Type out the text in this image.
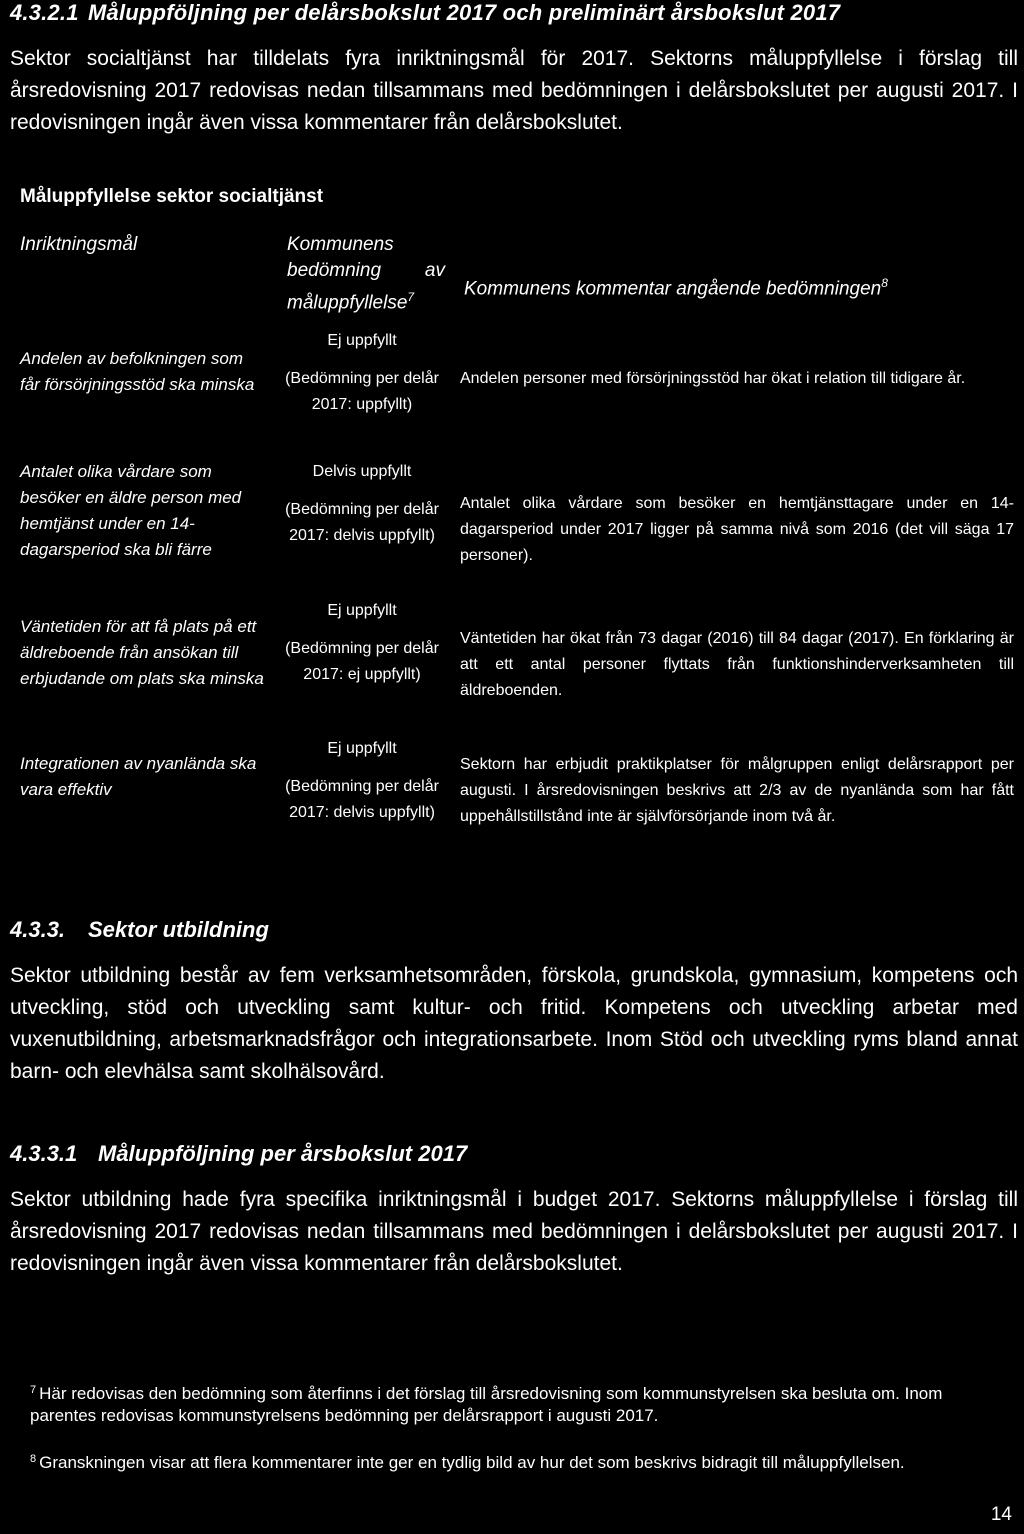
4.3.2.1 Måluppföljning per delårsbokslut 2017 och preliminärt årsbokslut 2017
Sektor socialtjänst har tilldelats fyra inriktningsmål för 2017. Sektorns måluppfyllelse i förslag till årsredovisning 2017 redovisas nedan tillsammans med bedömningen i delårsbokslutet per augusti 2017. I redovisningen ingår även vissa kommentarer från delårsbokslutet.
Måluppfyllelse sektor socialtjänst
Inriktningsmål	Kommunens bedömning av måluppfyllelse$^7$	Kommunens kommentar angående bedömningen$^8$
Andelen av befolkningen som får försörjningsstöd ska minska
Ej uppfyllt
(Bedömning per delår 2017: uppfyllt)
Andelen personer med försörjningsstöd har ökat i relation till tidigare år.
Antalet olika vårdare som besöker en äldre person med hemtjänst under en 14-dagarsperiod ska bli färre
Delvis uppfyllt
(Bedömning per delår 2017: delvis uppfyllt)
Antalet olika vårdare som besöker en hemtjänsttagare under en 14-dagarsperiod under 2017 ligger på samma nivå som 2016 (det vill säga 17 personer).
Väntetiden för att få plats på ett äldreboende från ansökan till erbjudande om plats ska minska
Ej uppfyllt
(Bedömning per delår 2017: ej uppfyllt)
Väntetiden har ökat från 73 dagar (2016) till 84 dagar (2017). En förklaring är att ett antal personer flyttats från funktionshinderverksamheten till äldreboenden.
Integrationen av nyanlända ska vara effektiv
Ej uppfyllt
(Bedömning per delår 2017: delvis uppfyllt)
Sektorn har erbjudit praktikplatser för målgruppen enligt delårsrapport per augusti. I årsredovisningen beskrivs att 2/3 av de nyanlända som har fått uppehållstillstånd inte är självförsörjande inom två år.
4.3.3. Sektor utbildning
Sektor utbildning består av fem verksamhetsområden, förskola, grundskola, gymnasium, kompetens och utveckling, stöd och utveckling samt kultur- och fritid. Kompetens och utveckling arbetar med vuxenutbildning, arbetsmarknadsfrågor och integrationsarbete. Inom Stöd och utveckling ryms bland annat barn- och elevhälsa samt skolhälsovård.
4.3.3.1 Måluppföljning per årsbokslut 2017
Sektor utbildning hade fyra specifika inriktningsmål i budget 2017. Sektorns måluppfyllelse i förslag till årsredovisning 2017 redovisas nedan tillsammans med bedömningen i delårsbokslutet per augusti 2017. I redovisningen ingår även vissa kommentarer från delårsbokslutet.
$^7$ Här redovisas den bedömning som återfinns i det förslag till årsredovisning som kommunstyrelsen ska besluta om. Inom parentes redovisas kommunstyrelsens bedömning per delårsrapport i augusti 2017.
$^8$ Granskningen visar att flera kommentarer inte ger en tydlig bild av hur det som beskrivs bidragit till måluppfyllelsen.
14
